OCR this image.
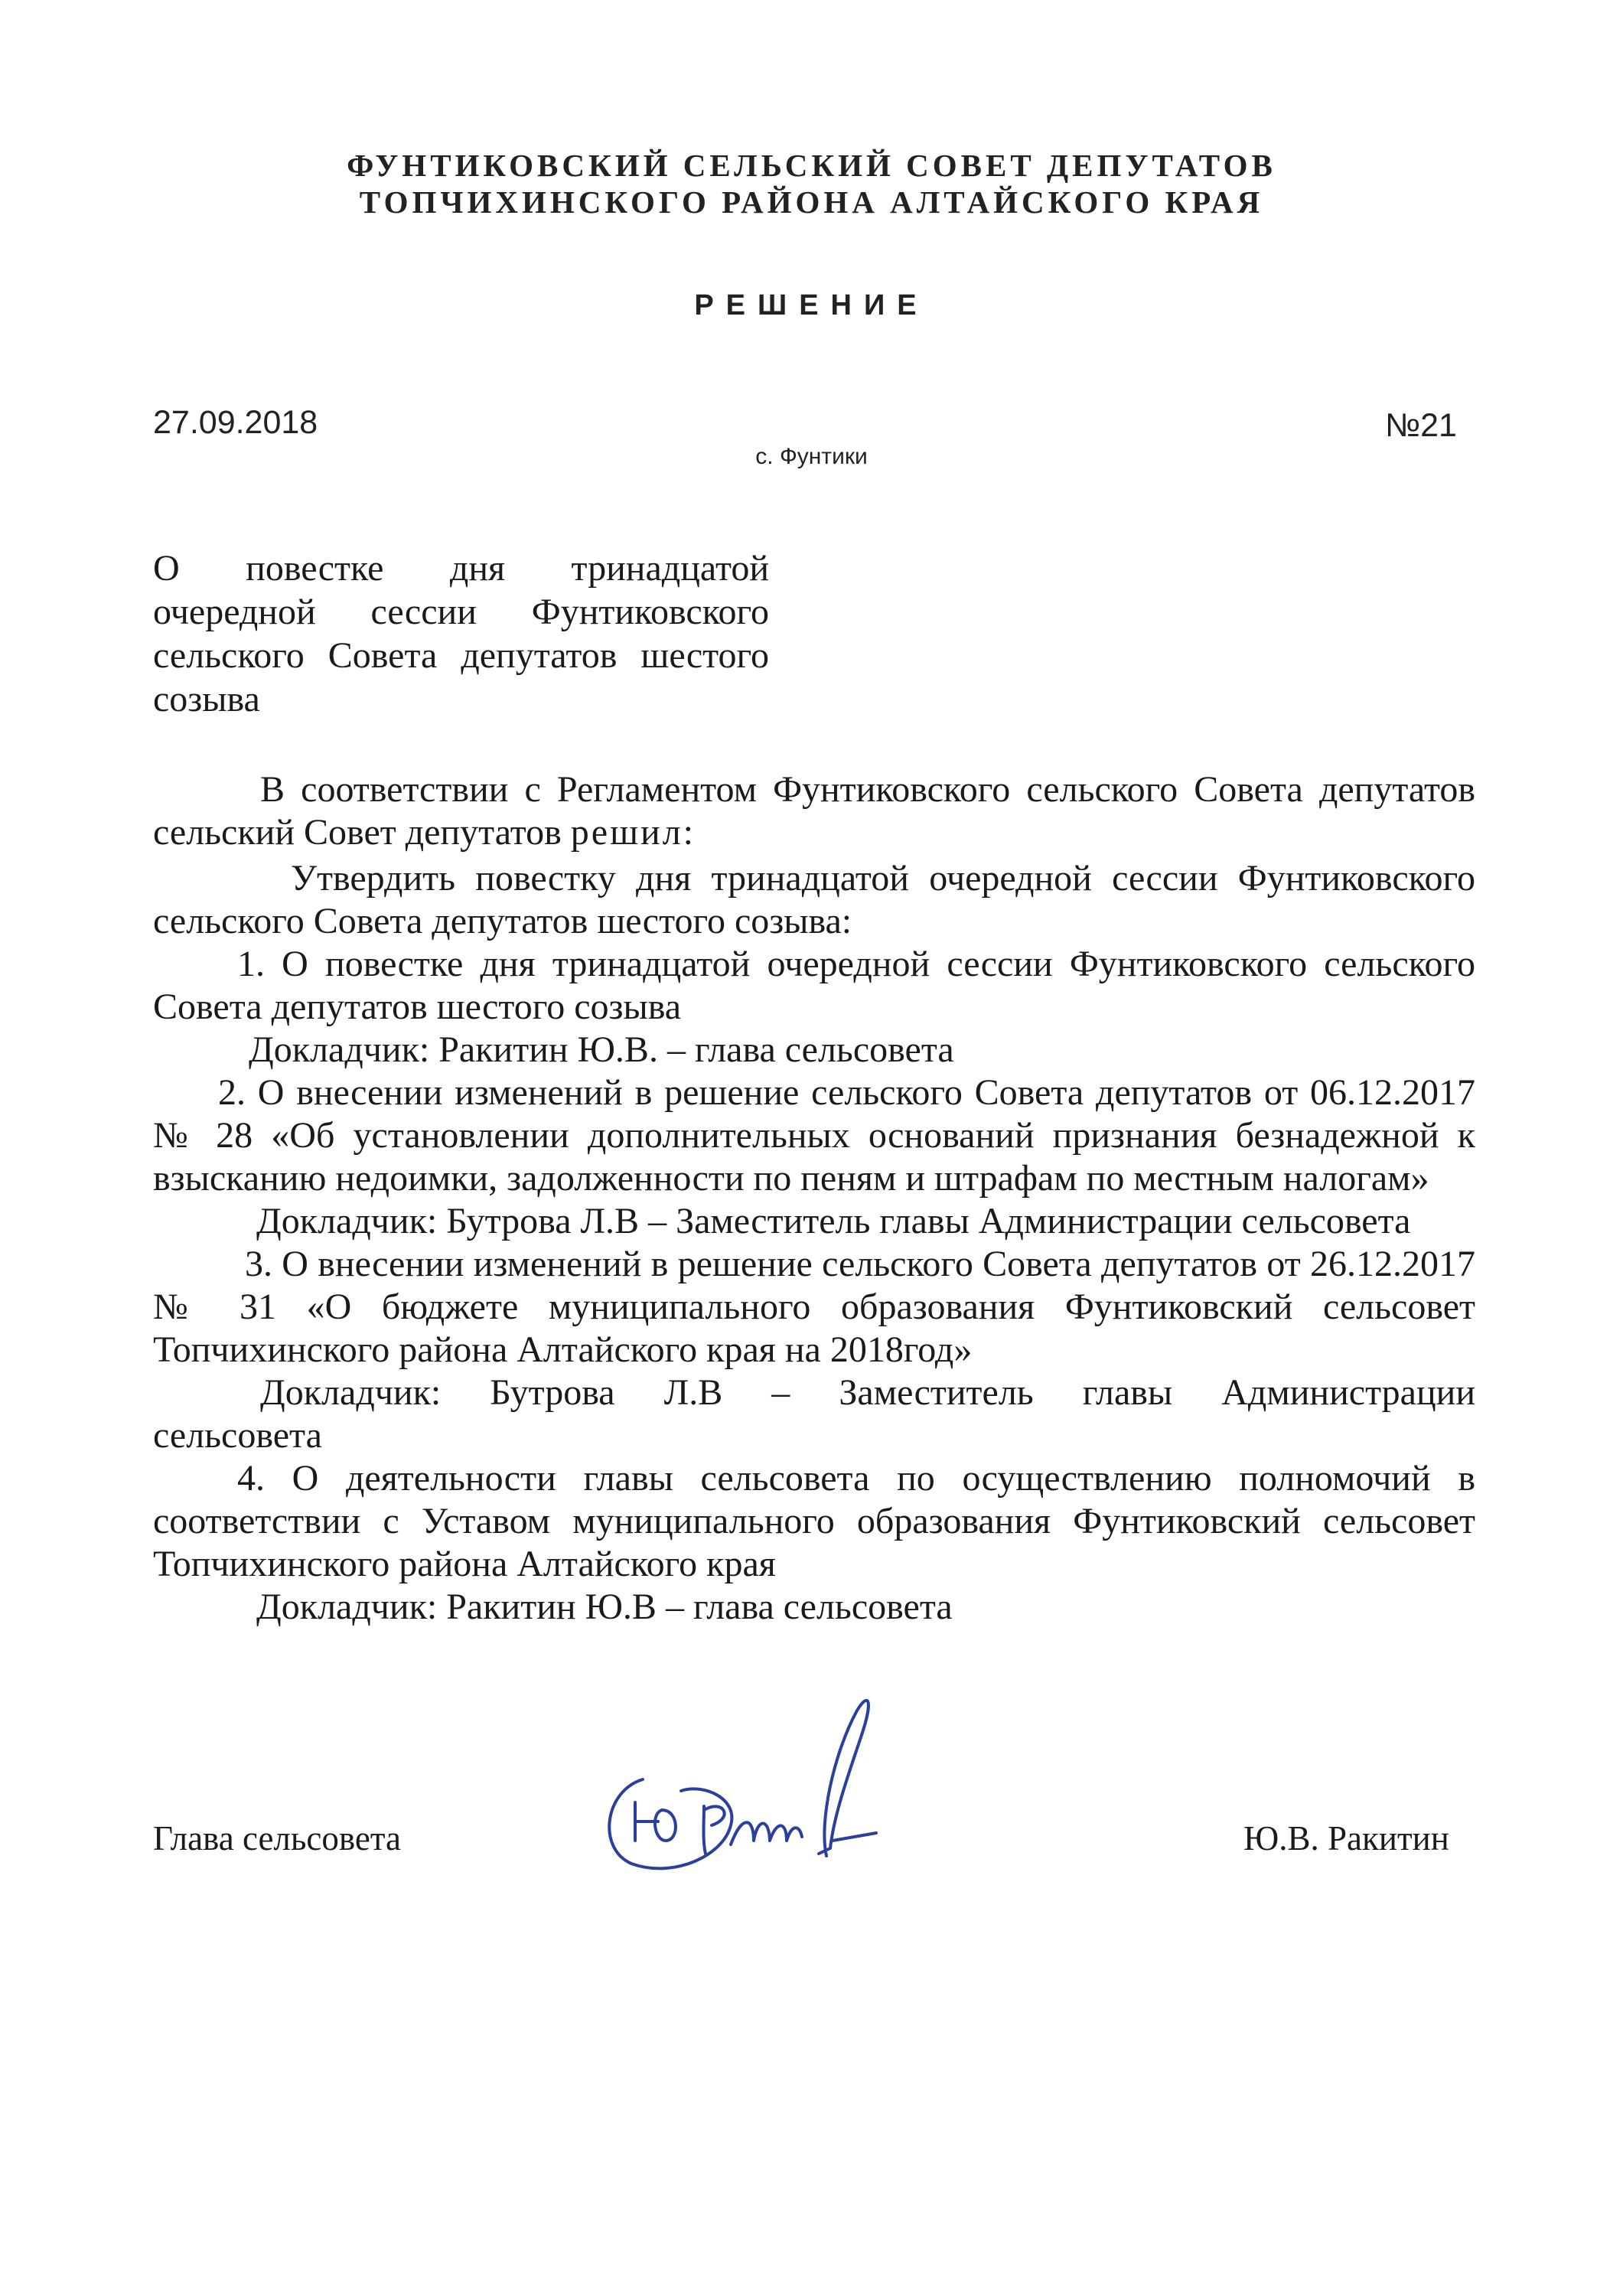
ФУНТИКОВСКИЙ СЕЛЬСКИЙ СОВЕТ ДЕПУТАТОВ
ТОПЧИХИНСКОГО РАЙОНА АЛТАЙСКОГО КРАЯ
РЕШЕНИЕ
27.09.2018	№21
с. Фунтики
О повестке дня тринадцатой очередной сессии Фунтиковского сельского Совета депутатов шестого созыва
В соответствии с Регламентом Фунтиковского сельского Совета депутатов сельский Совет депутатов решил:
Утвердить повестку дня тринадцатой очередной сессии Фунтиковского сельского Совета депутатов шестого созыва:
1. О повестке дня тринадцатой очередной сессии Фунтиковского сельского Совета депутатов шестого созыва
Докладчик: Ракитин Ю.В. – глава сельсовета
2. О внесении изменений в решение сельского Совета депутатов от 06.12.2017 № 28 «Об установлении дополнительных оснований признания безнадежной к взысканию недоимки, задолженности по пеням и штрафам по местным налогам»
Докладчик: Бутрова Л.В – Заместитель главы Администрации сельсовета
3. О внесении изменений в решение сельского Совета депутатов от 26.12.2017 № 31 «О бюджете муниципального образования Фунтиковский сельсовет Топчихинского района Алтайского края на 2018год»
Докладчик: Бутрова Л.В – Заместитель главы Администрации сельсовета
4. О деятельности главы сельсовета по осуществлению полномочий в соответствии с Уставом муниципального образования Фунтиковский сельсовет Топчихинского района Алтайского края
Докладчик: Ракитин Ю.В – глава сельсовета
Глава сельсовета	Ю.В. Ракитин
